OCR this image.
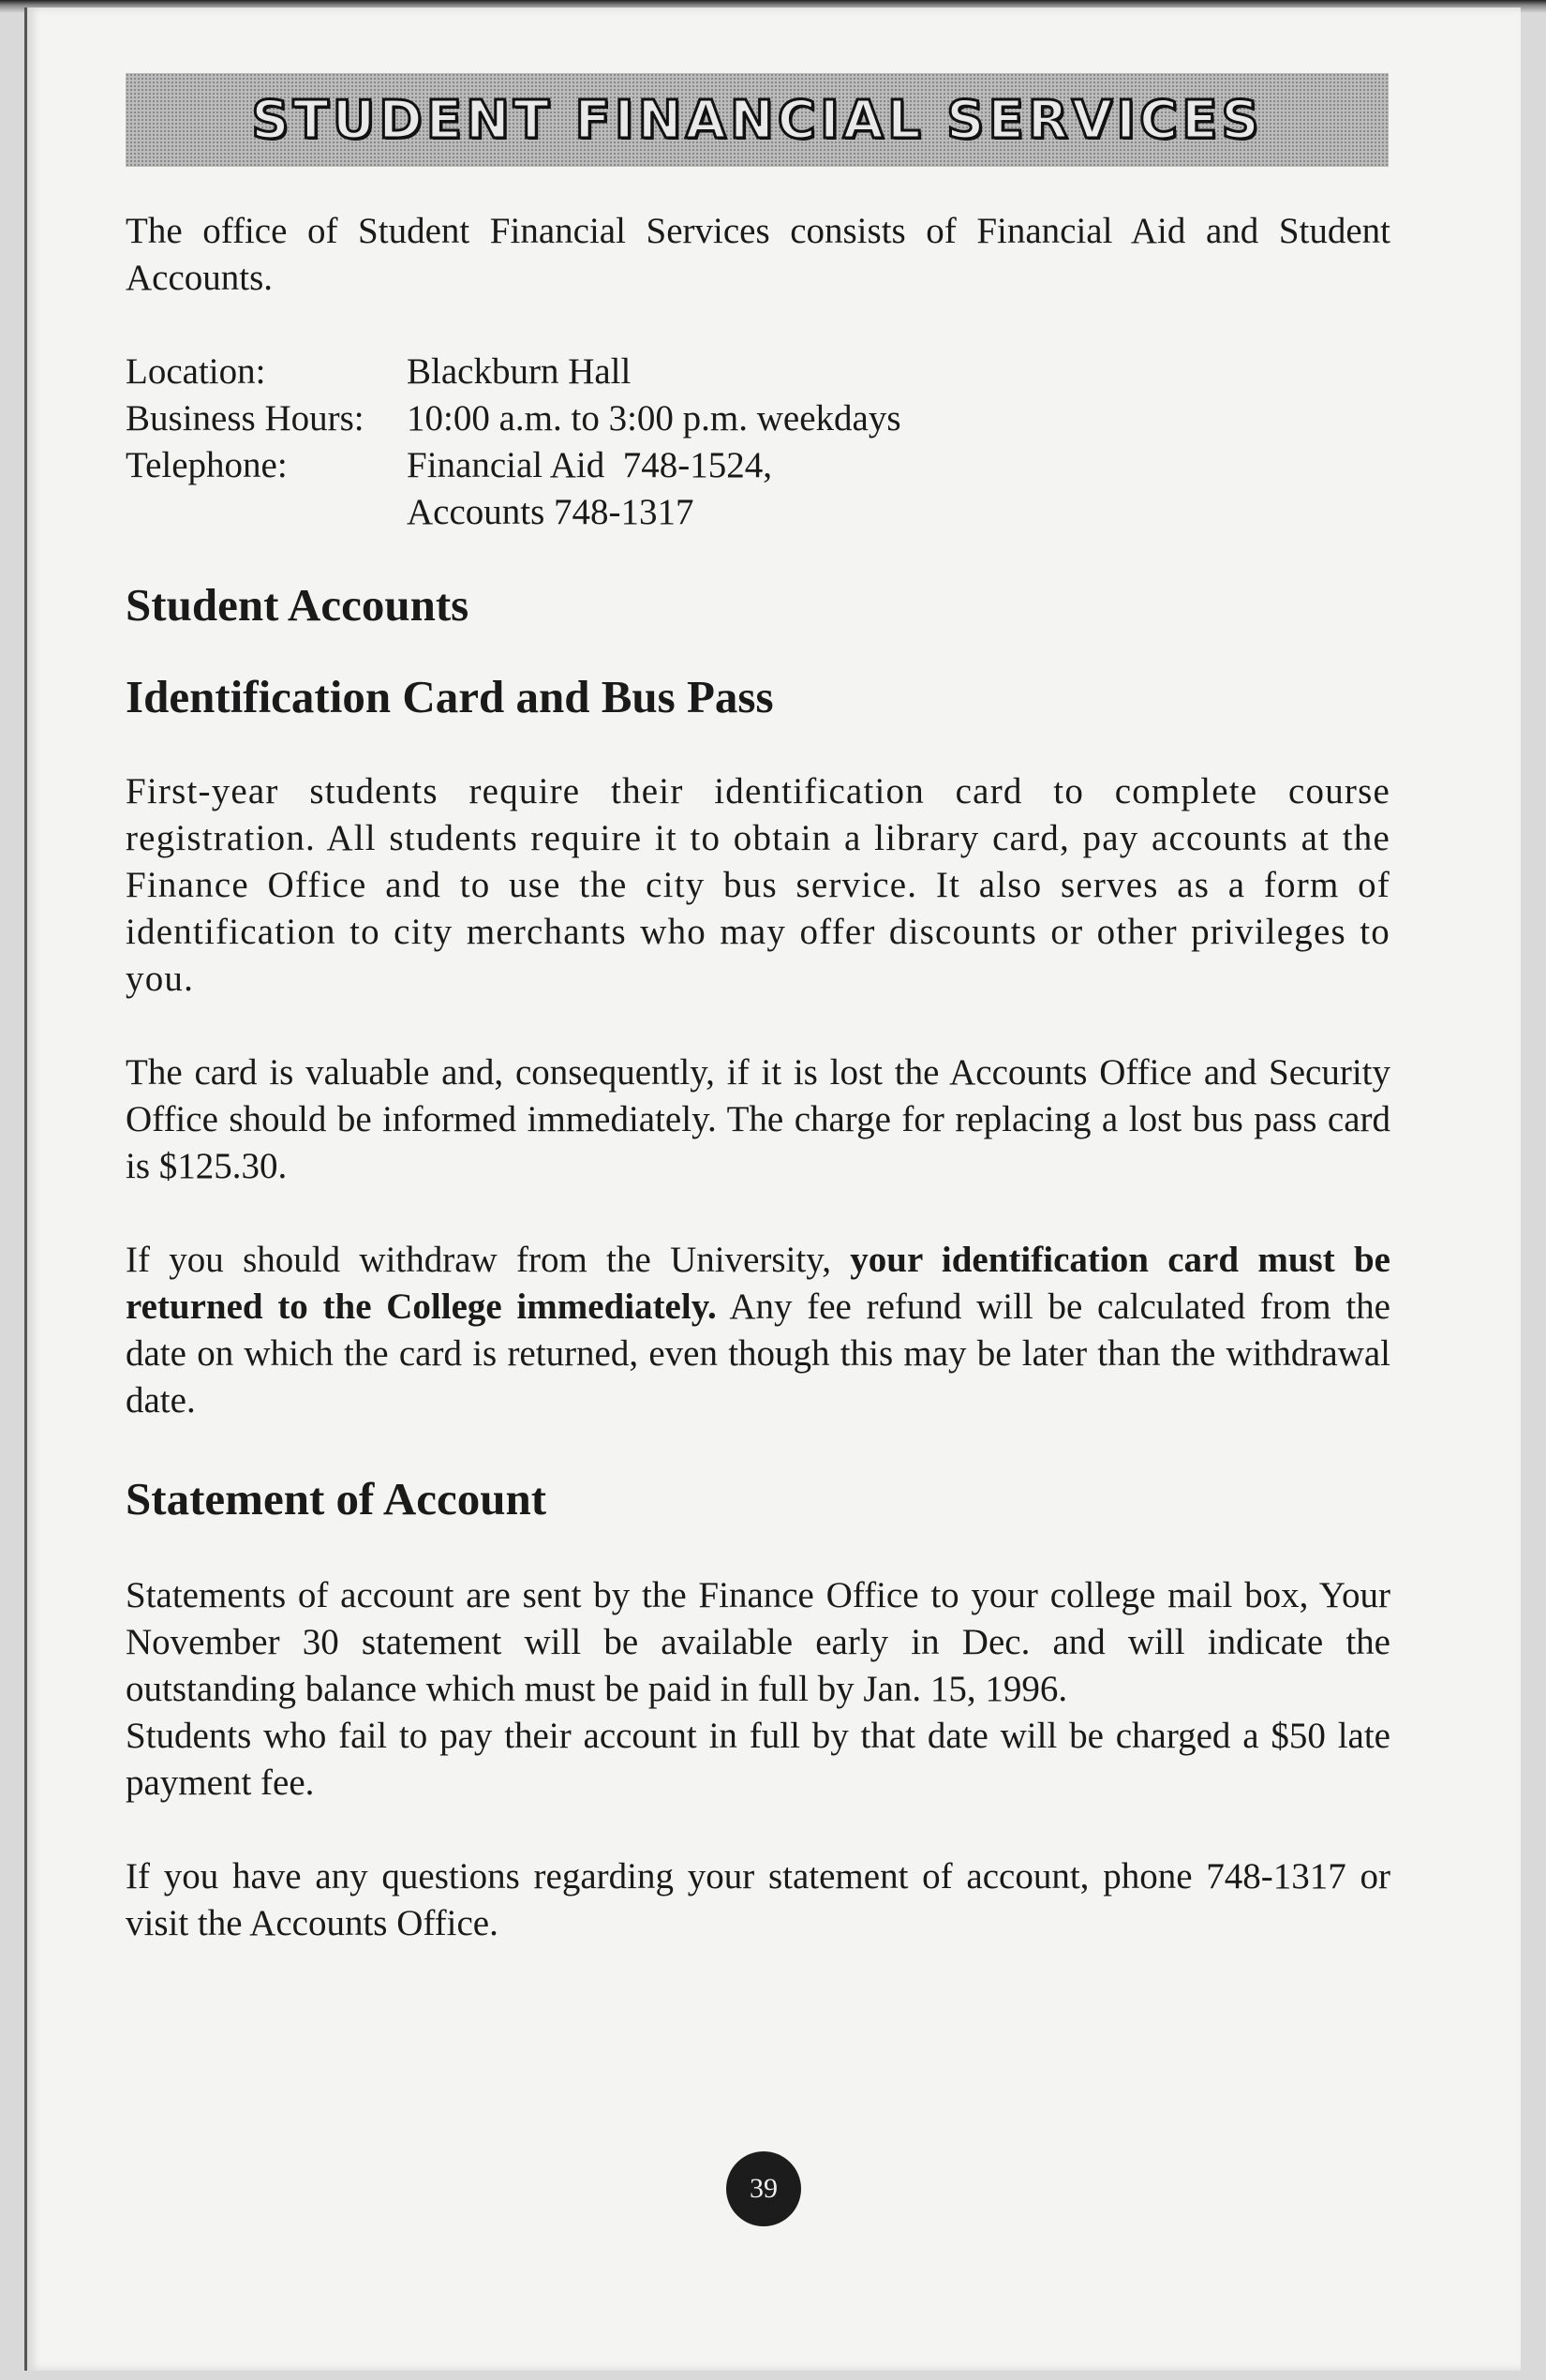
STUDENT FINANCIAL SERVICES

The office of Student Financial Services consists of Financial Aid and Student Accounts.

Location:	Blackburn Hall
Business Hours:	10:00 a.m. to 3:00 p.m. weekdays
Telephone:	Financial Aid  748-1524,
	Accounts 748-1317
Student Accounts
Identification Card and Bus Pass

First-year students require their identification card to complete course registration. All students require it to obtain a library card, pay accounts at the Finance Office and to use the city bus service. It also serves as a form of identification to city merchants who may offer discounts or other privileges to you.

The card is valuable and, consequently, if it is lost the Accounts Office and Security Office should be informed immediately. The charge for replacing a lost bus pass card is $125.30.

If you should withdraw from the University, your identification card must be returned to the College immediately. Any fee refund will be calculated from the date on which the card is returned, even though this may be later than the withdrawal date.

Statement of Account

Statements of account are sent by the Finance Office to your college mail box, Your November 30 statement will be available early in Dec. and will indicate the outstanding balance which must be paid in full by Jan. 15, 1996.

Students who fail to pay their account in full by that date will be charged a $50 late payment fee.

If you have any questions regarding your statement of account, phone 748-1317 or visit the Accounts Office.

39
